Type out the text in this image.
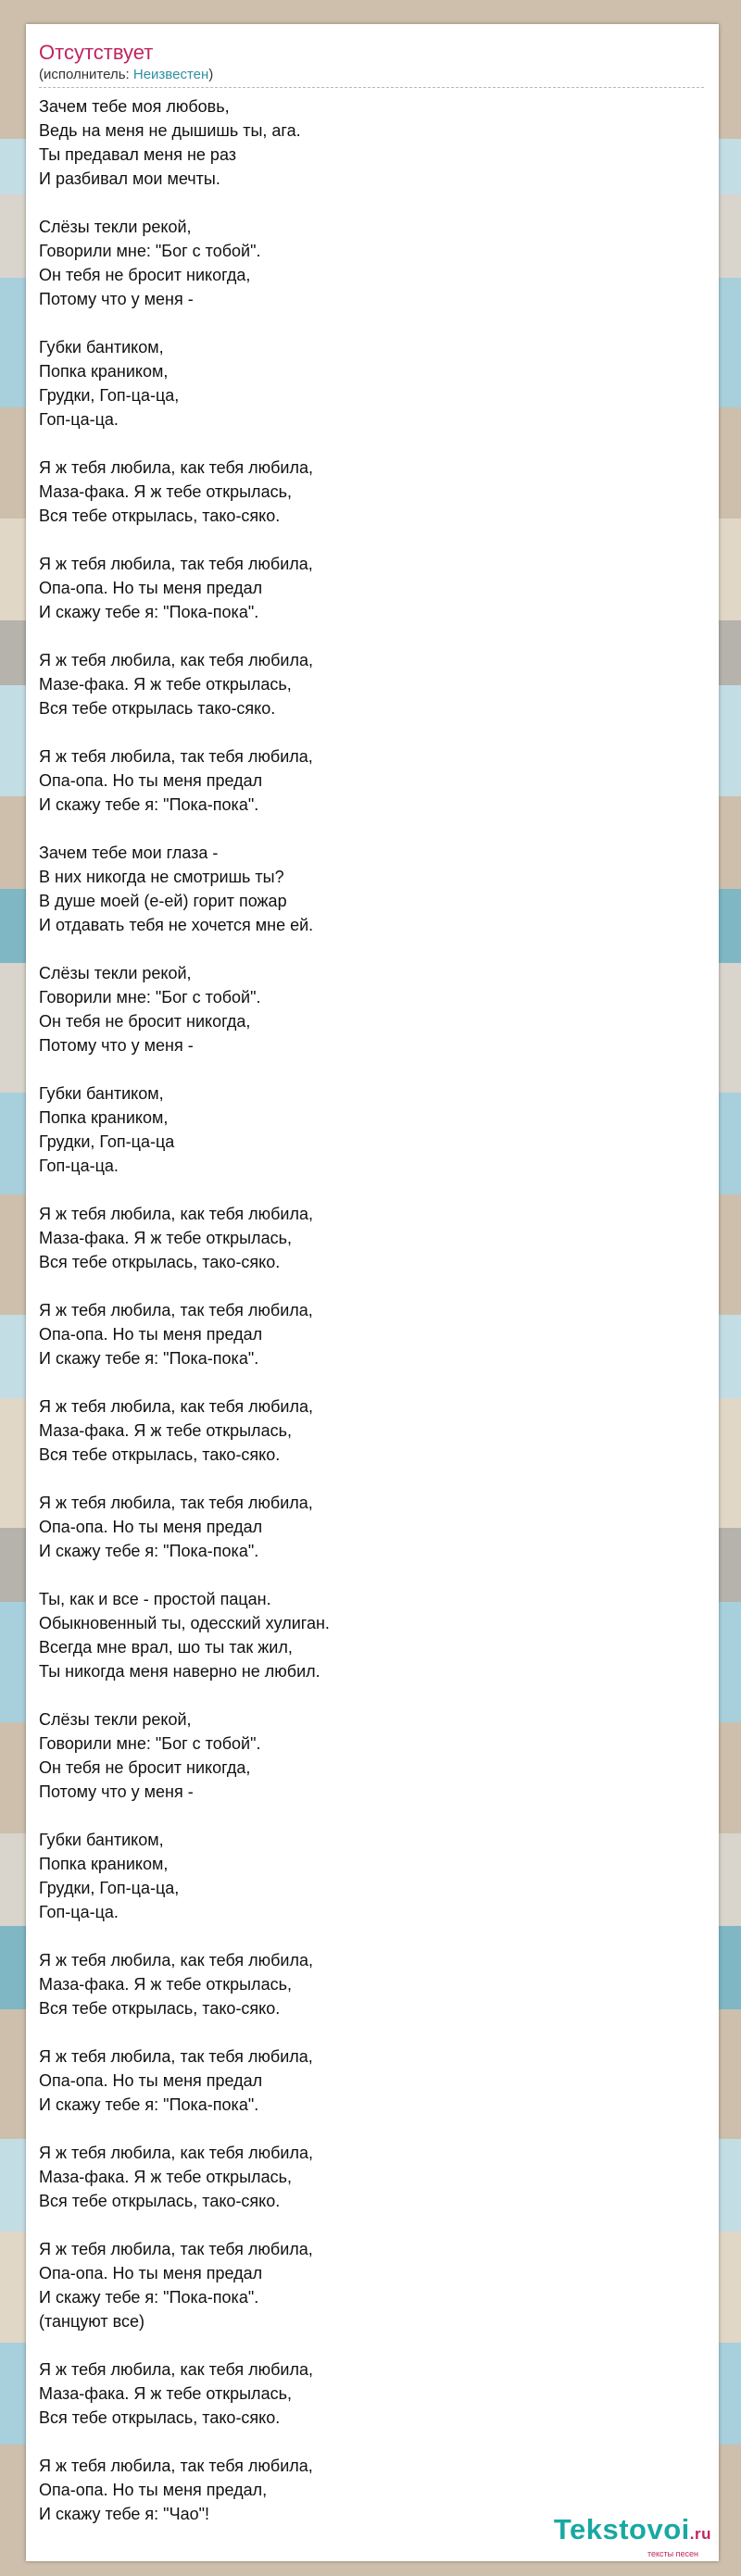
Отсутствует
(исполнитель: Неизвестен)
Зачем тебе моя любовь,
Ведь на меня не дышишь ты, ага.
Ты предавал меня не раз
И разбивал мои мечты.
Слёзы текли рекой,
Говорили мне: "Бог с тобой".
Он тебя не бросит никогда,
Потому что у меня -
Губки бантиком,
Попка краником,
Грудки, Гоп-ца-ца,
Гоп-ца-ца.
Я ж тебя любила, как тебя любила,
Маза-фака. Я ж тебе открылась,
Вся тебе открылась, тако-сяко.
Я ж тебя любила, так тебя любила,
Опа-опа. Но ты меня предал
И скажу тебе я: "Пока-пока".
Я ж тебя любила, как тебя любила,
Мазе-фака. Я ж тебе открылась,
Вся тебе открылась тако-сяко.
Я ж тебя любила, так тебя любила,
Опа-опа. Но ты меня предал
И скажу тебе я: "Пока-пока".
Зачем тебе мои глаза -
В них никогда не смотришь ты?
В душе моей (е-ей) горит пожар
И отдавать тебя не хочется мне ей.
Слёзы текли рекой,
Говорили мне: "Бог с тобой".
Он тебя не бросит никогда,
Потому что у меня -
Губки бантиком,
Попка краником,
Грудки, Гоп-ца-ца
Гоп-ца-ца.
Я ж тебя любила, как тебя любила,
Маза-фака. Я ж тебе открылась,
Вся тебе открылась, тако-сяко.
Я ж тебя любила, так тебя любила,
Опа-опа. Но ты меня предал
И скажу тебе я: "Пока-пока".
Я ж тебя любила, как тебя любила,
Маза-фака. Я ж тебе открылась,
Вся тебе открылась, тако-сяко.
Я ж тебя любила, так тебя любила,
Опа-опа. Но ты меня предал
И скажу тебе я: "Пока-пока".
Ты, как и все - простой пацан.
Обыкновенный ты, одесский хулиган.
Всегда мне врал, шо ты так жил,
Ты никогда меня наверно не любил.
Слёзы текли рекой,
Говорили мне: "Бог с тобой".
Он тебя не бросит никогда,
Потому что у меня -
Губки бантиком,
Попка краником,
Грудки, Гоп-ца-ца,
Гоп-ца-ца.
Я ж тебя любила, как тебя любила,
Маза-фака. Я ж тебе открылась,
Вся тебе открылась, тако-сяко.
Я ж тебя любила, так тебя любила,
Опа-опа. Но ты меня предал
И скажу тебе я: "Пока-пока".
Я ж тебя любила, как тебя любила,
Маза-фака. Я ж тебе открылась,
Вся тебе открылась, тако-сяко.
Я ж тебя любила, так тебя любила,
Опа-опа. Но ты меня предал
И скажу тебе я: "Пока-пока".
(танцуют все)
Я ж тебя любила, как тебя любила,
Маза-фака. Я ж тебе открылась,
Вся тебе открылась, тако-сяко.
Я ж тебя любила, так тебя любила,
Опа-опа. Но ты меня предал,
И скажу тебе я: "Чао"!	Tekstovoi.ru
тексты песен
